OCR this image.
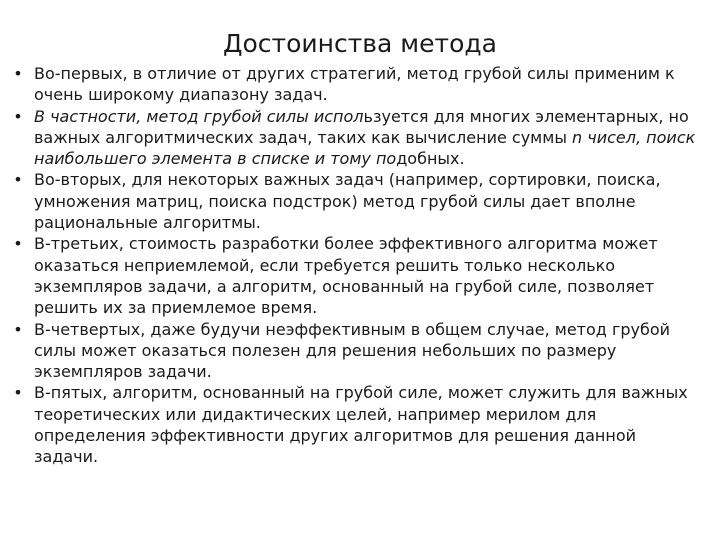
Достоинства метода
• Во-первых, в отличие от других стратегий, метод грубой силы применим к очень широкому диапазону задач.
• В частности, метод грубой силы используется для многих элементарных, но важных алгоритмических задач, таких как вычисление суммы n чисел, поиск наибольшего элемента в списке и тому подобных.
• Во-вторых, для некоторых важных задач (например, сортировки, поиска, умножения матриц, поиска подстрок) метод грубой силы дает вполне рациональные алгоритмы.
• В-третьих, стоимость разработки более эффективного алгоритма может оказаться неприемлемой, если требуется решить только несколько экземпляров задачи, а алгоритм, основанный на грубой силе, позволяет решить их за приемлемое время.
• В-четвертых, даже будучи неэффективным в общем случае, метод грубой силы может оказаться полезен для решения небольших по размеру экземпляров задачи.
• В-пятых, алгоритм, основанный на грубой силе, может служить для важных теоретических или дидактических целей, например мерилом для определения эффективности других алгоритмов для решения данной задачи.
